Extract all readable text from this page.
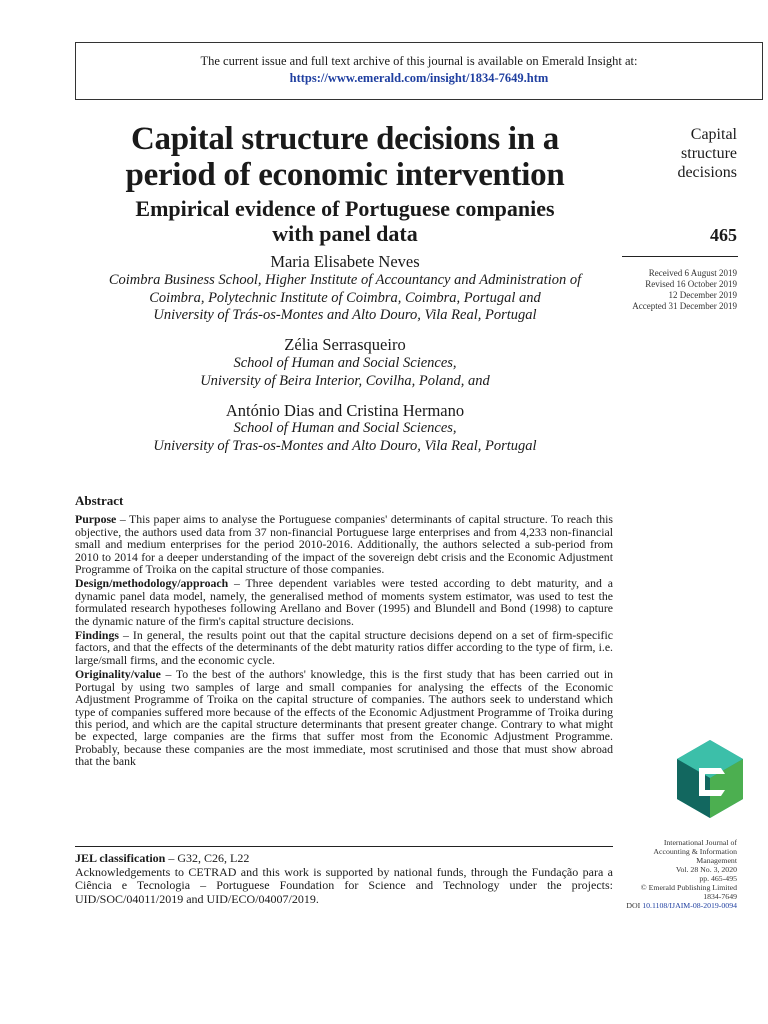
The current issue and full text archive of this journal is available on Emerald Insight at:
https://www.emerald.com/insight/1834-7649.htm
Capital structure decisions in a
period of economic intervention
Empirical evidence of Portuguese companies
with panel data
Maria Elisabete Neves
Coimbra Business School, Higher Institute of Accountancy and Administration of
Coimbra, Polytechnic Institute of Coimbra, Coimbra, Portugal and
University of Trás-os-Montes and Alto Douro, Vila Real, Portugal
Zélia Serrasqueiro
School of Human and Social Sciences,
University of Beira Interior, Covilha, Poland, and
António Dias and Cristina Hermano
School of Human and Social Sciences,
University of Tras-os-Montes and Alto Douro, Vila Real, Portugal
Capital
structure
decisions
465
Received 6 August 2019
Revised 16 October 2019
12 December 2019
Accepted 31 December 2019
Abstract

Purpose – This paper aims to analyse the Portuguese companies' determinants of capital structure. To reach this objective, the authors used data from 37 non-financial Portuguese large enterprises and from 4,233 non-financial small and medium enterprises for the period 2010-2016. Additionally, the authors selected a sub-period from 2010 to 2014 for a deeper understanding of the impact of the sovereign debt crisis and the Economic Adjustment Programme of Troika on the capital structure of those companies.

Design/methodology/approach – Three dependent variables were tested according to debt maturity, and a dynamic panel data model, namely, the generalised method of moments system estimator, was used to test the formulated research hypotheses following Arellano and Bover (1995) and Blundell and Bond (1998) to capture the dynamic nature of the firm's capital structure decisions.

Findings – In general, the results point out that the capital structure decisions depend on a set of firm-specific factors, and that the effects of the determinants of the debt maturity ratios differ according to the type of firm, i.e. large/small firms, and the economic cycle.

Originality/value – To the best of the authors' knowledge, this is the first study that has been carried out in Portugal by using two samples of large and small companies for analysing the effects of the Economic Adjustment Programme of Troika on the capital structure of companies. The authors seek to understand which type of companies suffered more because of the effects of the Economic Adjustment Programme of Troika during this period, and which are the capital structure determinants that present greater change. Contrary to what might be expected, large companies are the firms that suffer most from the Economic Adjustment Programme. Probably, because these companies are the most immediate, most scrutinised and those that must show abroad that the bank

International Journal of
Accounting & Information
Management
Vol. 28 No. 3, 2020
pp. 465-495
© Emerald Publishing Limited
1834-7649
DOI 10.1108/IJAIM-08-2019-0094

JEL classification – G32, C26, L22

Acknowledgements to CETRAD and this work is supported by national funds, through the Fundação para a Ciência e Tecnologia – Portuguese Foundation for Science and Technology under the projects: UID/SOC/04011/2019 and UID/ECO/04007/2019.
